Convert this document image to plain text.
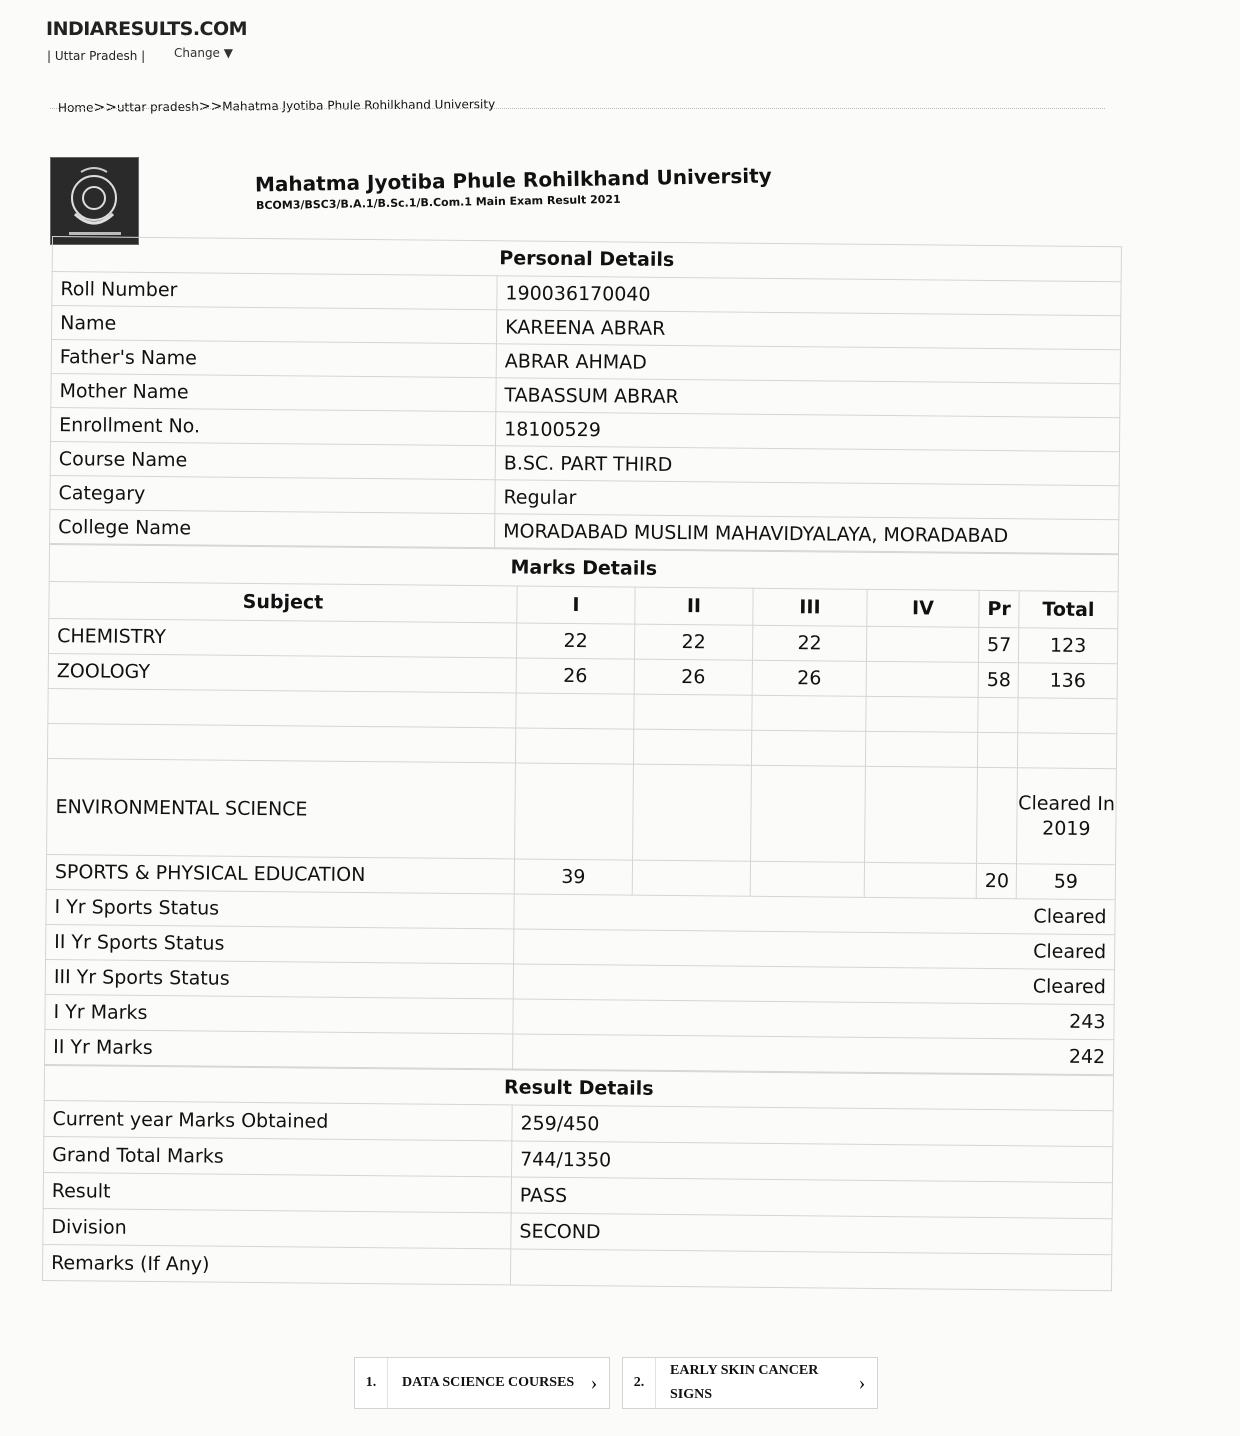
INDIARESULTS.COM
| Uttar Pradesh | Change ▼
Home>>uttar pradesh>>Mahatma Jyotiba Phule Rohilkhand University
Mahatma Jyotiba Phule Rohilkhand University
BCOM3/BSC3/B.A.1/B.Sc.1/B.Com.1 Main Exam Result 2021
Personal Details	
Roll Number	190036170040
Name	KAREENA ABRAR
Father's Name	ABRAR AHMAD
Mother Name	TABASSUM ABRAR
Enrollment No.	18100529
Course Name	B.SC. PART THIRD
Categary	Regular
College Name	MORADABAD MUSLIM MAHAVIDYALAYA, MORADABAD
Marks Details						
Subject	I	II	III	IV	Pr	Total
CHEMISTRY	22	22	22		57	123
ZOOLOGY	26	26	26		58	136

ENVIRONMENTAL SCIENCE						Cleared In 2019
SPORTS & PHYSICAL EDUCATION	39				20	59
I Yr Sports Status	Cleared					
II Yr Sports Status	Cleared					
III Yr Sports Status	Cleared					
I Yr Marks	243					
II Yr Marks	242					
Result Details	
Current year Marks Obtained	259/450
Grand Total Marks	744/1350
Result	PASS
Division	SECOND
Remarks (If Any)	
1.	DATA SCIENCE COURSES ›	2.
EARLY SKIN CANCER SIGNS
›
